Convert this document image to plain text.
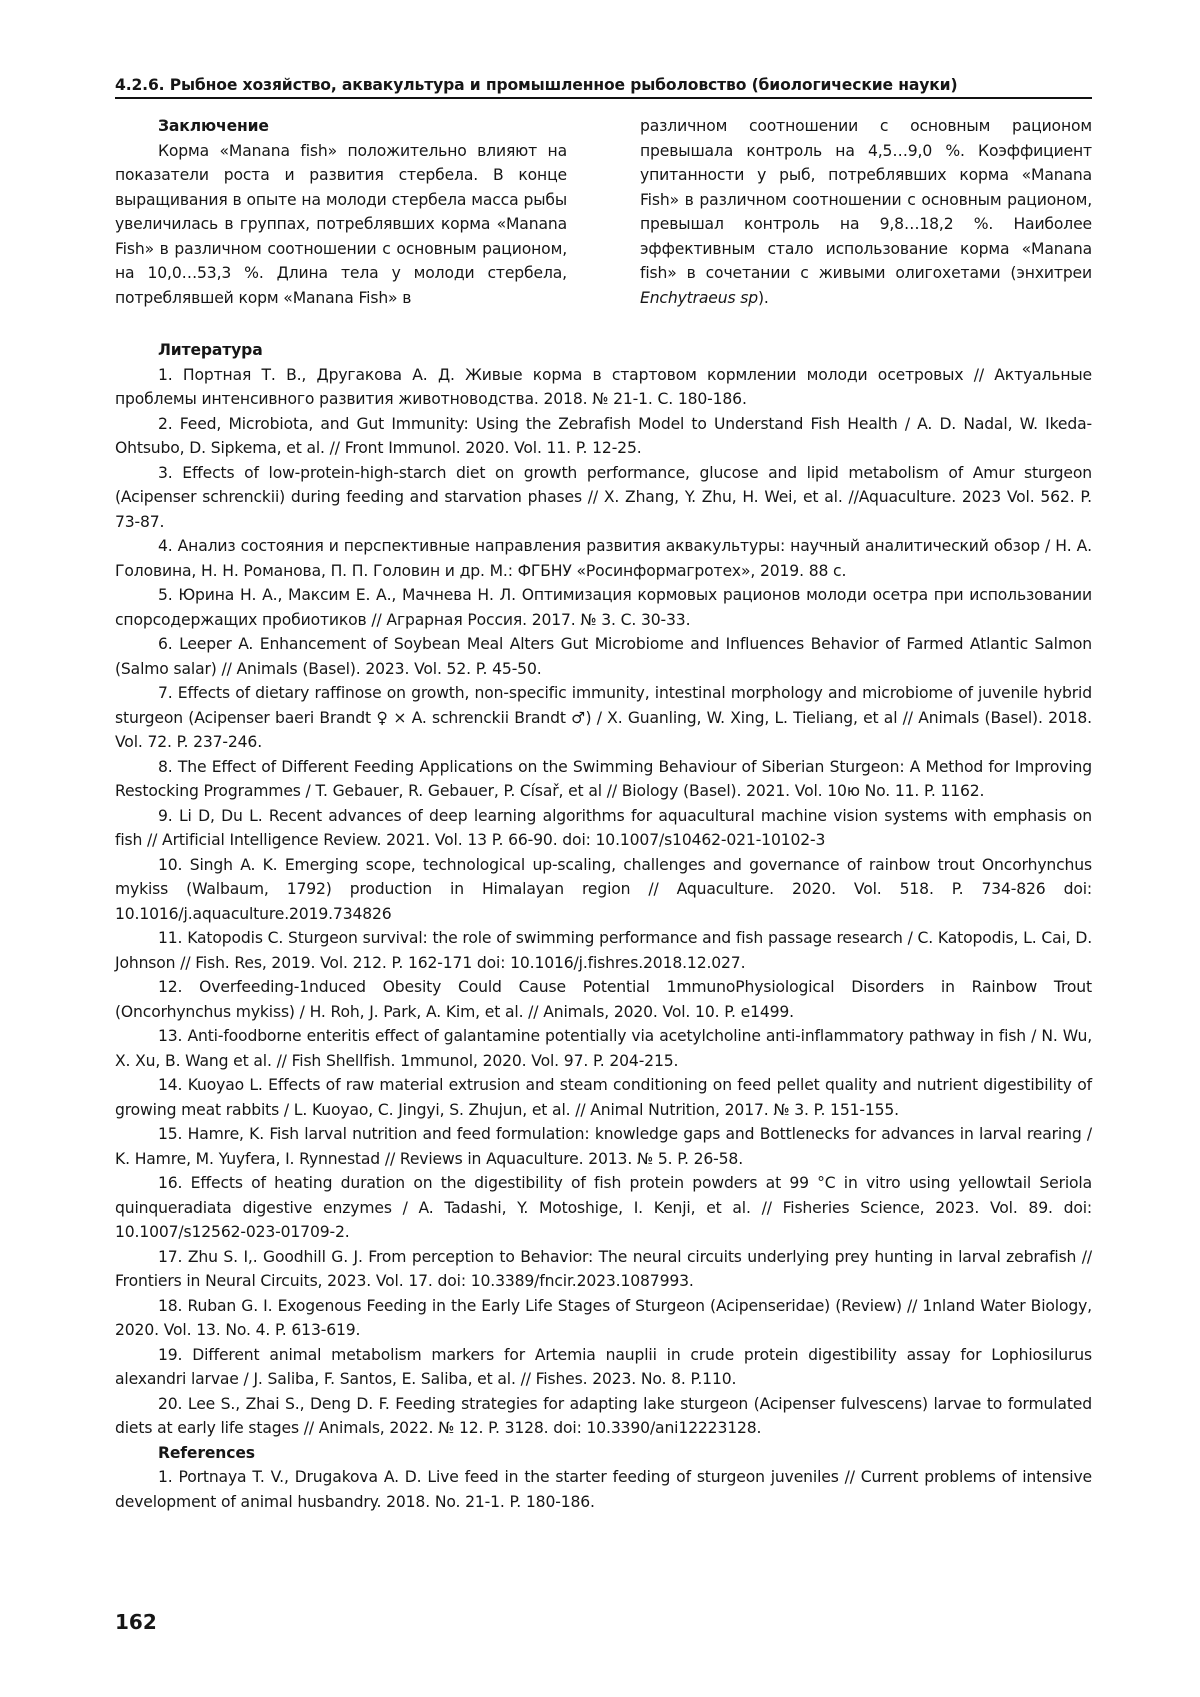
4.2.6. Рыбное хозяйство, аквакультура и промышленное рыболовство (биологические науки)

Заключение

Корма «Manana fish» положительно влияют на показатели роста и развития стербела. В конце выращивания в опыте на молоди стербела масса рыбы увеличилась в группах, потреблявших корма «Manana Fish» в различном соотношении с основным рационом, на 10,0…53,3 %. Длина тела у молоди стербела, потреблявшей корм «Manana Fish» в

различном соотношении с основным рационом превышала контроль на 4,5…9,0 %. Коэффициент упитанности у рыб, потреблявших корма «Manana Fish» в различном соотношении с основным рационом, превышал контроль на 9,8…18,2 %. Наиболее эффективным стало использование корма «Manana fish» в сочетании с живыми олигохетами (энхитреи Enchytraeus sp).

Литература
1. Портная Т. В., Другакова А. Д. Живые корма в стартовом кормлении молоди осетровых // Актуальные проблемы интенсивного развития животноводства. 2018. № 21-1. С. 180-186.
2. Feed, Microbiota, and Gut Immunity: Using the Zebrafish Model to Understand Fish Health / A. D. Nadal, W. Ikeda-Ohtsubo, D. Sipkema, et al. // Front Immunol. 2020. Vol. 11. P. 12-25.
3. Effects of low-protein-high-starch diet on growth performance, glucose and lipid metabolism of Amur sturgeon (Acipenser schrenckii) during feeding and starvation phases // X. Zhang, Y. Zhu, H. Wei, et al. //Aquaculture. 2023 Vol. 562. P. 73-87.
4. Анализ состояния и перспективные направления развития аквакультуры: научный аналитический обзор / Н. А. Головина, Н. Н. Романова, П. П. Головин и др. М.: ФГБНУ «Росинформагротех», 2019. 88 с.
5. Юрина Н. А., Максим Е. А., Мачнева Н. Л. Оптимизация кормовых рационов молоди осетра при использовании спорсодержащих пробиотиков // Аграрная Россия. 2017. № 3. С. 30-33.
6. Leeper A. Enhancement of Soybean Meal Alters Gut Microbiome and Influences Behavior of Farmed Atlantic Salmon (Salmo salar) // Animals (Basel). 2023. Vol. 52. P. 45-50.
7. Effects of dietary raffinose on growth, non-specific immunity, intestinal morphology and microbiome of juvenile hybrid sturgeon (Acipenser baeri Brandt ♀ × A. schrenckii Brandt ♂) / X. Guanling, W. Xing, L. Tieliang, et al // Animals (Basel). 2018. Vol. 72. P. 237-246.
8. The Effect of Different Feeding Applications on the Swimming Behaviour of Siberian Sturgeon: A Method for Improving Restocking Programmes / T. Gebauer, R. Gebauer, P. Císař, et al // Biology (Basel). 2021. Vol. 10ю No. 11. P. 1162.
9. Li D, Du L. Recent advances of deep learning algorithms for aquacultural machine vision systems with emphasis on fish // Artificial Intelligence Review. 2021. Vol. 13 P. 66-90. doi: 10.1007/s10462-021-10102-3
10. Singh A. K. Emerging scope, technological up-scaling, challenges and governance of rainbow trout Oncorhynchus mykiss (Walbaum, 1792) production in Himalayan region // Aquaculture. 2020. Vol. 518. P. 734-826 doi: 10.1016/j.aquaculture.2019.734826
11. Katopodis C. Sturgeon survival: the role of swimming performance and fish passage research / C. Katopodis, L. Cai, D. Johnson // Fish. Res, 2019. Vol. 212. P. 162-171 doi: 10.1016/j.fishres.2018.12.027.
12. Overfeeding-1nduced Obesity Could Cause Potential 1mmunoPhysiological Disorders in Rainbow Trout (Oncorhynchus mykiss) / H. Roh, J. Park, A. Kim, et al. // Animals, 2020. Vol. 10. P. e1499.
13. Anti-foodborne enteritis effect of galantamine potentially via acetylcholine anti-inflammatory pathway in fish / N. Wu, X. Xu, B. Wang et al. // Fish Shellfish. 1mmunol, 2020. Vol. 97. P. 204-215.
14. Kuoyao L. Effects of raw material extrusion and steam conditioning on feed pellet quality and nutrient digestibility of growing meat rabbits / L. Kuoyao, C. Jingyi, S. Zhujun, et al. // Animal Nutrition, 2017. № 3. P. 151-155.
15. Hamre, K. Fish larval nutrition and feed formulation: knowledge gaps and Bottlenecks for advances in larval rearing / K. Hamre, M. Yuyfera, I. Rynnestad // Reviews in Aquaculture. 2013. № 5. P. 26-58.
16. Effects of heating duration on the digestibility of fish protein powders at 99 °C in vitro using yellowtail Seriola quinqueradiata digestive enzymes / A. Tadashi, Y. Motoshige, I. Kenji, et al. // Fisheries Science, 2023. Vol. 89. doi: 10.1007/s12562-023-01709-2.
17. Zhu S. I,. Goodhill G. J. From perception to Behavior: The neural circuits underlying prey hunting in larval zebrafish // Frontiers in Neural Circuits, 2023. Vol. 17. doi: 10.3389/fncir.2023.1087993.
18. Ruban G. I. Exogenous Feeding in the Early Life Stages of Sturgeon (Acipenseridae) (Review) // 1nland Water Biology, 2020. Vol. 13. No. 4. P. 613-619.
19. Different animal metabolism markers for Artemia nauplii in crude protein digestibility assay for Lophiosilurus alexandri larvae / J. Saliba, F. Santos, E. Saliba, et al. // Fishes. 2023. No. 8. P.110.
20. Lee S., Zhai S., Deng D. F. Feeding strategies for adapting lake sturgeon (Acipenser fulvescens) larvae to formulated diets at early life stages // Animals, 2022. № 12. P. 3128. doi: 10.3390/ani12223128.
References
1. Portnaya T. V., Drugakova A. D. Live feed in the starter feeding of sturgeon juveniles // Current problems of intensive development of animal husbandry. 2018. No. 21-1. P. 180-186.
162
